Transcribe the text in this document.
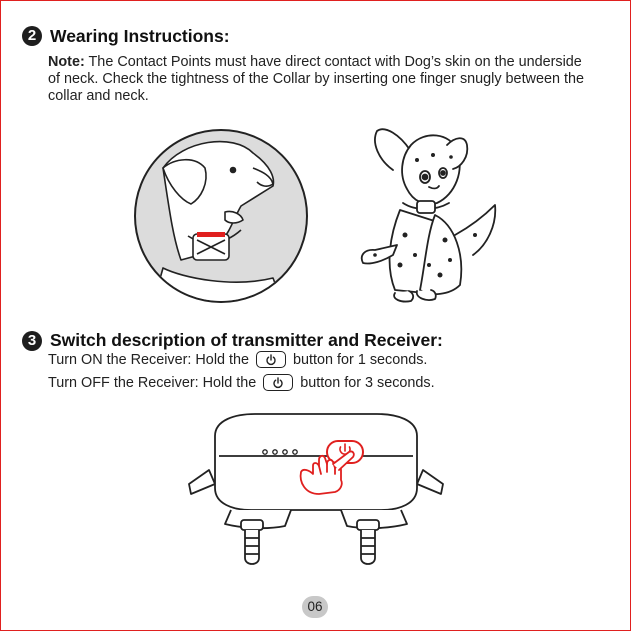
2 Wearing Instructions:
Note: The Contact Points must have direct contact with Dog’s skin on the underside of neck. Check the tightness of the Collar by inserting one finger snugly between the collar and neck.
3 Switch description of transmitter and Receiver:
Turn ON the Receiver: Hold the	button for 1 seconds.
Turn OFF the Receiver: Hold the	button for 3 seconds.
06
